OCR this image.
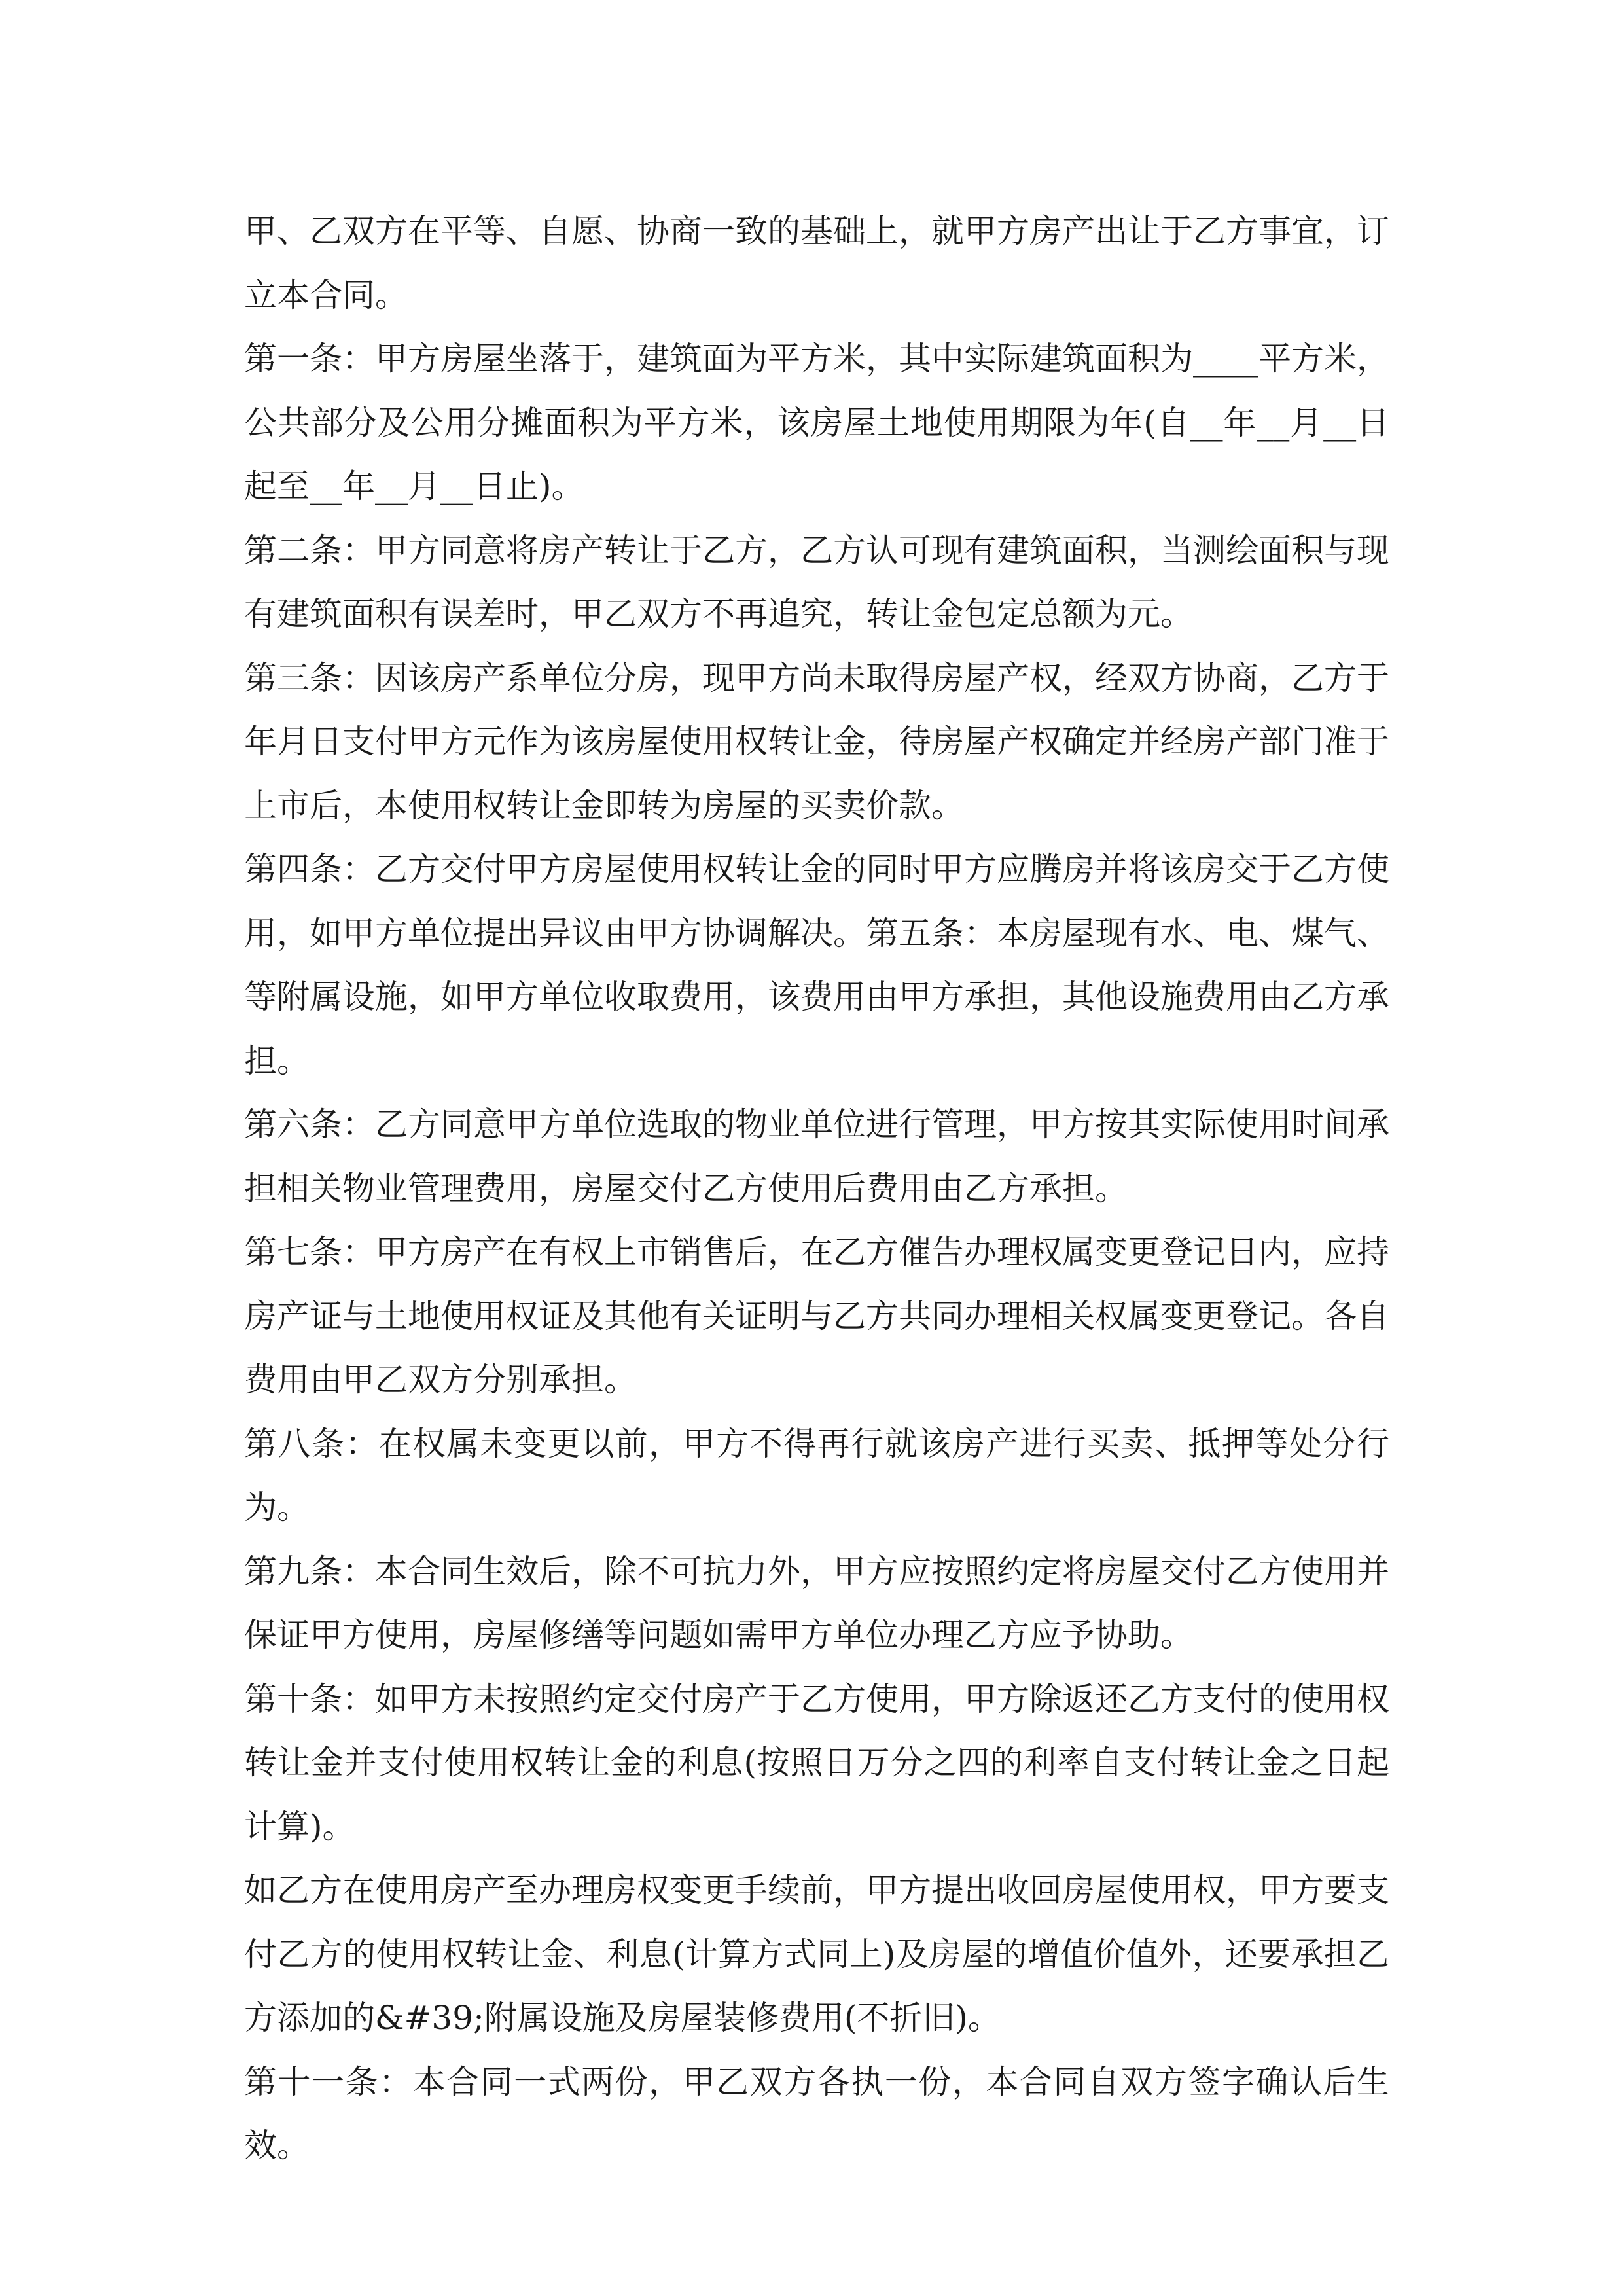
甲、乙双方在平等、自愿、协商一致的基础上，就甲方房产出让于乙方事宜，订立本合同。

第一条：甲方房屋坐落于，建筑面为平方米，其中实际建筑面积为____平方米，公共部分及公用分摊面积为平方米，该房屋土地使用期限为年(自__年__月__日起至__年__月__日止)。

第二条：甲方同意将房产转让于乙方，乙方认可现有建筑面积，当测绘面积与现有建筑面积有误差时，甲乙双方不再追究，转让金包定总额为元。

第三条：因该房产系单位分房，现甲方尚未取得房屋产权，经双方协商，乙方于年月日支付甲方元作为该房屋使用权转让金，待房屋产权确定并经房产部门准于上市后，本使用权转让金即转为房屋的买卖价款。

第四条：乙方交付甲方房屋使用权转让金的同时甲方应腾房并将该房交于乙方使用，如甲方单位提出异议由甲方协调解决。第五条：本房屋现有水、电、煤气、等附属设施，如甲方单位收取费用，该费用由甲方承担，其他设施费用由乙方承担。

第六条：乙方同意甲方单位选取的物业单位进行管理，甲方按其实际使用时间承担相关物业管理费用，房屋交付乙方使用后费用由乙方承担。

第七条：甲方房产在有权上市销售后，在乙方催告办理权属变更登记日内，应持房产证与土地使用权证及其他有关证明与乙方共同办理相关权属变更登记。各自费用由甲乙双方分别承担。

第八条：在权属未变更以前，甲方不得再行就该房产进行买卖、抵押等处分行为。

第九条：本合同生效后，除不可抗力外，甲方应按照约定将房屋交付乙方使用并保证甲方使用，房屋修缮等问题如需甲方单位办理乙方应予协助。

第十条：如甲方未按照约定交付房产于乙方使用，甲方除返还乙方支付的使用权转让金并支付使用权转让金的利息(按照日万分之四的利率自支付转让金之日起计算)。

如乙方在使用房产至办理房权变更手续前，甲方提出收回房屋使用权，甲方要支付乙方的使用权转让金、利息(计算方式同上)及房屋的增值价值外，还要承担乙方添加的&#39;附属设施及房屋装修费用(不折旧)。

第十一条：本合同一式两份，甲乙双方各执一份，本合同自双方签字确认后生效。
